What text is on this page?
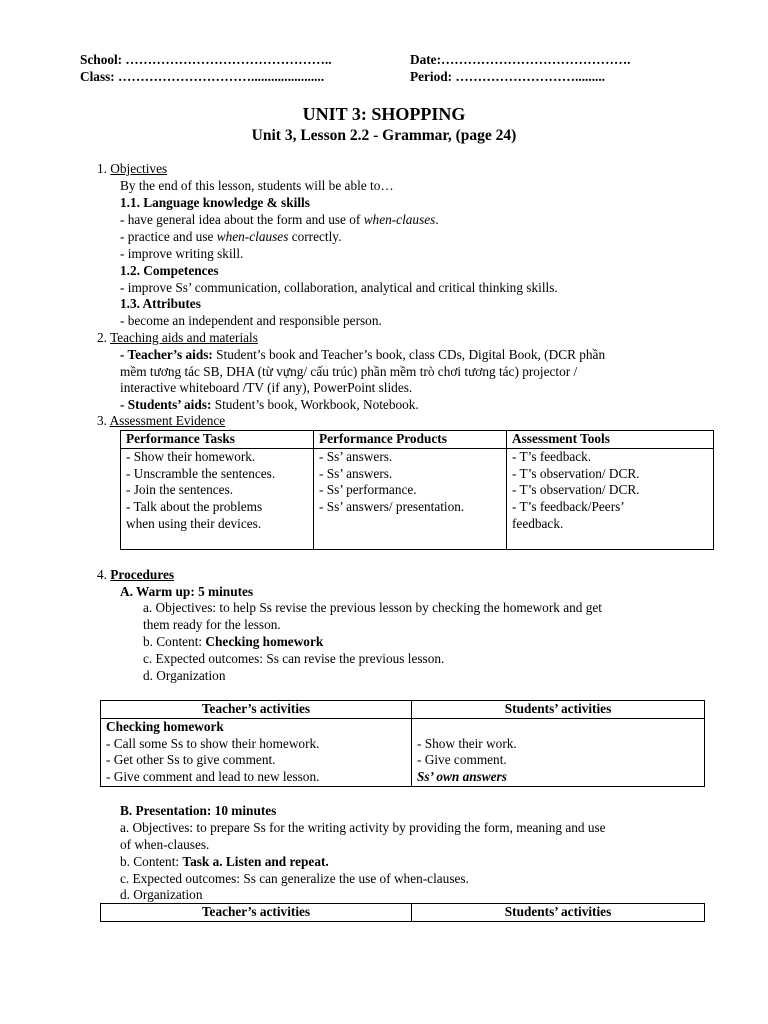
School: ………………………………………..
Class: …………………………......................
Date:…………………………………….
Period: ……………………….........
UNIT 3: SHOPPING
Unit 3, Lesson 2.2 - Grammar, (page 24)
1. Objectives
By the end of this lesson, students will be able to…
1.1. Language knowledge & skills
- have general idea about the form and use of when-clauses.
- practice and use when-clauses correctly.
- improve writing skill.
1.2. Competences
- improve Ss’ communication, collaboration, analytical and critical thinking skills.
1.3. Attributes
- become an independent and responsible person.
2. Teaching aids and materials
- Teacher’s aids: Student’s book and Teacher’s book, class CDs, Digital Book, (DCR phần
mềm tương tác SB, DHA (từ vựng/ cấu trúc) phần mềm trò chơi tương tác) projector /
interactive whiteboard /TV (if any), PowerPoint slides.
- Students’ aids: Student’s book, Workbook, Notebook.
3. Assessment Evidence
Performance Tasks	Performance Products	Assessment Tools

- Show their homework.
- Unscramble the sentences.
- Join the sentences.
- Talk about the problems
when using their devices.	- Ss’ answers.
- Ss’ answers.
- Ss’ performance.
- Ss’ answers/ presentation.	- T’s feedback.
- T’s observation/ DCR.
- T’s observation/ DCR.
- T’s feedback/Peers’
feedback.
4. Procedures
A. Warm up: 5 minutes
a. Objectives: to help Ss revise the previous lesson by checking the homework and get
them ready for the lesson.
b. Content: Checking homework
c. Expected outcomes: Ss can revise the previous lesson.
d. Organization
Teacher’s activities	Students’ activities

Checking homework
- Call some Ss to show their homework.
- Get other Ss to give comment.
- Give comment and lead to new lesson.	- Show their work.
- Give comment.
Ss’ own answers
B. Presentation: 10 minutes
a. Objectives: to prepare Ss for the writing activity by providing the form, meaning and use
of when-clauses.
b. Content: Task a. Listen and repeat.
c. Expected outcomes: Ss can generalize the use of when-clauses.
d. Organization
Teacher’s activities	Students’ activities
